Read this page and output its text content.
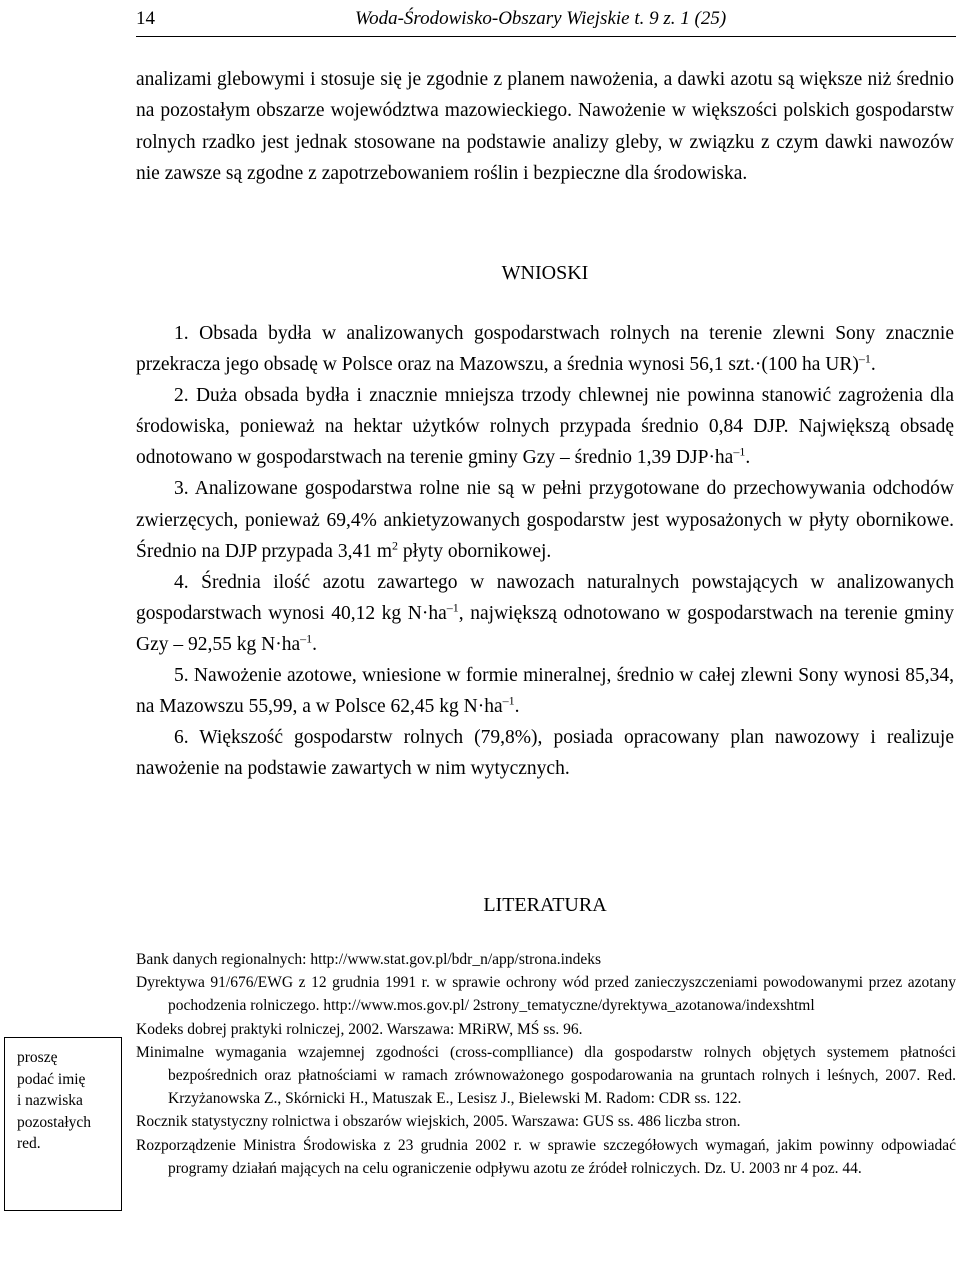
14	Woda-Środowisko-Obszary Wiejskie t. 9 z. 1 (25)

analizami glebowymi i stosuje się je zgodnie z planem nawożenia, a dawki azotu są większe niż średnio na pozostałym obszarze województwa mazowieckiego. Nawożenie w większości polskich gospodarstw rolnych rzadko jest jednak stosowane na podstawie analizy gleby, w związku z czym dawki nawozów nie zawsze są zgodne z zapotrzebowaniem roślin i bezpieczne dla środowiska.

WNIOSKI

1. Obsada bydła w analizowanych gospodarstwach rolnych na terenie zlewni Sony znacznie przekracza jego obsadę w Polsce oraz na Mazowszu, a średnia wynosi 56,1 szt.·(100 ha UR)$^{-1}$.

2. Duża obsada bydła i znacznie mniejsza trzody chlewnej nie powinna stanowić zagrożenia dla środowiska, ponieważ na hektar użytków rolnych przypada średnio 0,84 DJP. Największą obsadę odnotowano w gospodarstwach na terenie gminy Gzy – średnio 1,39 $DJP\cdot ha^{-1}$.

3. Analizowane gospodarstwa rolne nie są w pełni przygotowane do przechowywania odchodów zwierzęcych, ponieważ 69,4% ankietyzowanych gospodarstw jest wyposażonych w płyty obornikowe. Średnio na DJP przypada 3,41 $m^2$ płyty obornikowej.

4. Średnia ilość azotu zawartego w nawozach naturalnych powstających w analizowanych gospodarstwach wynosi 40,12 kg $N\cdot ha^{-1}$, największą odnotowano w gospodarstwach na terenie gminy Gzy – 92,55 kg $N\cdot ha^{-1}$.

5. Nawożenie azotowe, wniesione w formie mineralnej, średnio w całej zlewni Sony wynosi 85,34, na Mazowszu 55,99, a w Polsce 62,45 kg $N\cdot ha^{-1}$.

6. Większość gospodarstw rolnych (79,8%), posiada opracowany plan nawozowy i realizuje nawożenie na podstawie zawartych w nim wytycznych.

LITERATURA

Bank danych regionalnych: http://www.stat.gov.pl/bdr_n/app/strona.indeks

Dyrektywa 91/676/EWG z 12 grudnia 1991 r. w sprawie ochrony wód przed zanieczyszczeniami powodowanymi przez azotany pochodzenia rolniczego. http://www.mos.gov.pl/ 2strony_tematyczne/dyrektywa_azotanowa/indexshtml

Kodeks dobrej praktyki rolniczej, 2002. Warszawa: MRiRW, MŚ ss. 96.

Minimalne wymagania wzajemnej zgodności (cross-complliance) dla gospodarstw rolnych objętych systemem płatności bezpośrednich oraz płatnościami w ramach zrównoważonego gospodarowania na gruntach rolnych i leśnych, 2007. Red. Krzyżanowska Z., Skórnicki H., Matuszak E., Lesisz J., Bielewski M. Radom: CDR ss. 122.

Rocznik statystyczny rolnictwa i obszarów wiejskich, 2005. Warszawa: GUS ss. 486 liczba stron.

Rozporządzenie Ministra Środowiska z 23 grudnia 2002 r. w sprawie szczegółowych wymagań, jakim powinny odpowiadać programy działań mających na celu ograniczenie odpływu azotu ze źródeł rolniczych. Dz. U. 2003 nr 4 poz. 44.

proszę
podać imię
i nazwiska
pozostałych
red.
